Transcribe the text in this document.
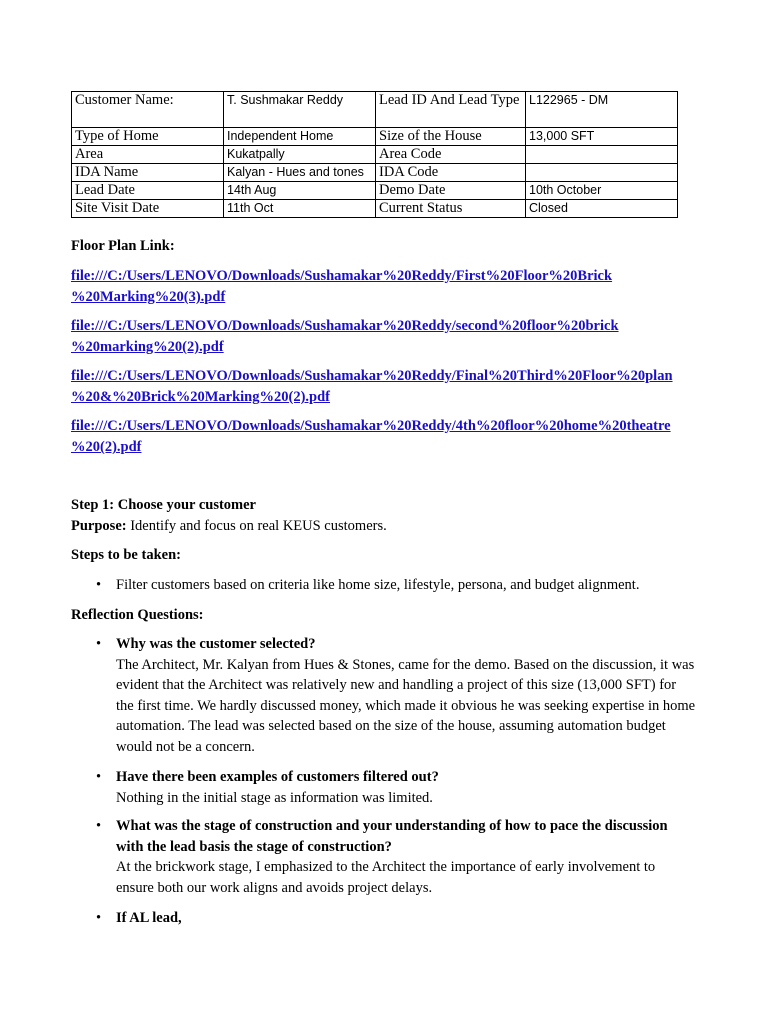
Customer Name:	T. Sushmakar Reddy	Lead ID And Lead Type	L122965 - DM
Type of Home	Independent Home	Size of the House	13,000 SFT
Area	Kukatpally	Area Code	
IDA Name	Kalyan - Hues and tones	IDA Code	
Lead Date	14th Aug	Demo Date	10th October
Site Visit Date	11th Oct	Current Status	Closed
Floor Plan Link:
file:///C:/Users/LENOVO/Downloads/Sushamakar%20Reddy/First%20Floor%20Brick
%20Marking%20(3).pdf
file:///C:/Users/LENOVO/Downloads/Sushamakar%20Reddy/second%20floor%20brick
%20marking%20(2).pdf
file:///C:/Users/LENOVO/Downloads/Sushamakar%20Reddy/Final%20Third%20Floor%20plan
%20&%20Brick%20Marking%20(2).pdf
file:///C:/Users/LENOVO/Downloads/Sushamakar%20Reddy/4th%20floor%20home%20theatre
%20(2).pdf
Step 1: Choose your customer
Purpose: Identify and focus on real KEUS customers.
Steps to be taken:
• Filter customers based on criteria like home size, lifestyle, persona, and budget alignment.
Reflection Questions:
• Why was the customer selected?
The Architect, Mr. Kalyan from Hues & Stones, came for the demo. Based on the discussion, it was evident that the Architect was relatively new and handling a project of this size (13,000 SFT) for the first time. We hardly discussed money, which made it obvious he was seeking expertise in home automation. The lead was selected based on the size of the house, assuming automation budget would not be a concern.
• Have there been examples of customers filtered out?
Nothing in the initial stage as information was limited.
• What was the stage of construction and your understanding of how to pace the discussion with the lead basis the stage of construction?
At the brickwork stage, I emphasized to the Architect the importance of early involvement to ensure both our work aligns and avoids project delays.
• If AL lead,
